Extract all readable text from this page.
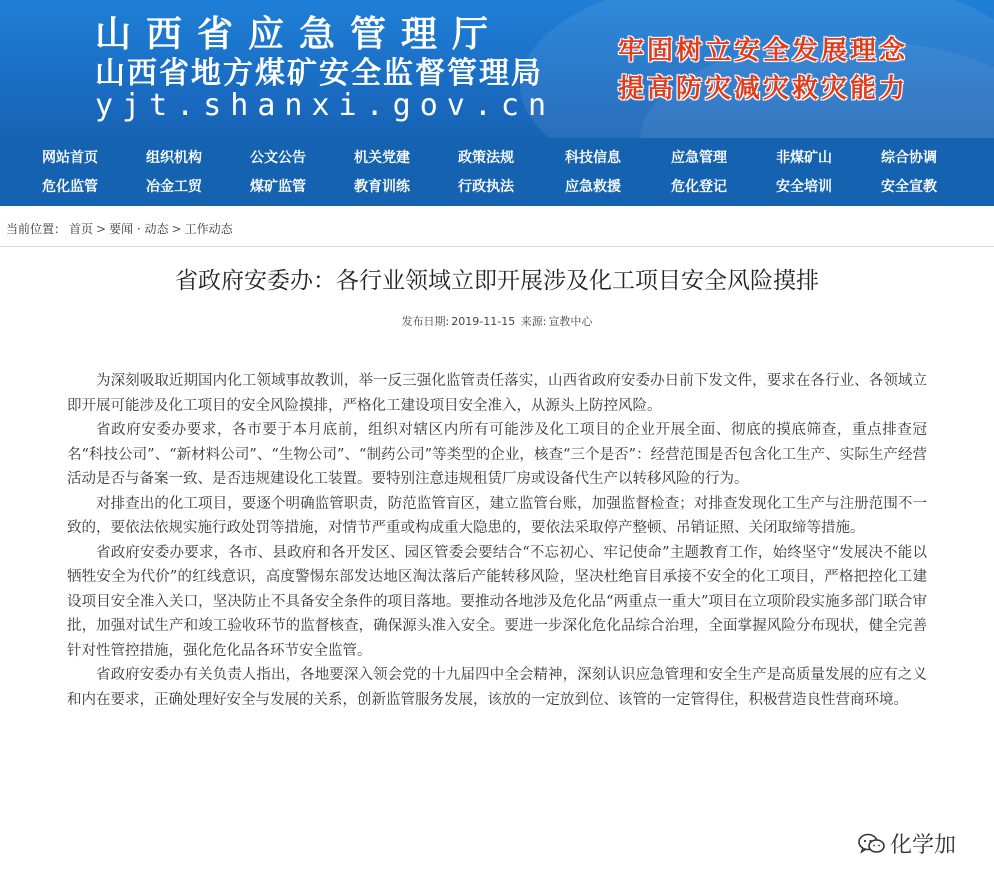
山西省应急管理厅
山西省地方煤矿安全监督管理局
yjt.shanxi.gov.cn
牢固树立安全发展理念
提高防灾减灾救灾能力
网站首页	组织机构	公文公告	机关党建	政策法规	科技信息	应急管理	非煤矿山	综合协调
危化监管	冶金工贸	煤矿监管	教育训练	行政执法	应急救援	危化登记	安全培训	安全宣教
当前位置： 首页 > 要闻 · 动态 > 工作动态
省政府安委办：各行业领域立即开展涉及化工项目安全风险摸排
发布日期: 2019-11-15 来源: 宣教中心

为深刻吸取近期国内化工领域事故教训，举一反三强化监管责任落实，山西省政府安委办日前下发文件，要求在各行业、各领域立即开展可能涉及化工项目的安全风险摸排，严格化工建设项目安全准入，从源头上防控风险。

省政府安委办要求，各市要于本月底前，组织对辖区内所有可能涉及化工项目的企业开展全面、彻底的摸底筛查，重点排查冠名“科技公司”、“新材料公司”、“生物公司”、“制药公司”等类型的企业，核查“三个是否”：经营范围是否包含化工生产、实际生产经营活动是否与备案一致、是否违规建设化工装置。要特别注意违规租赁厂房或设备代生产以转移风险的行为。

对排查出的化工项目，要逐个明确监管职责，防范监管盲区，建立监管台账，加强监督检查；对排查发现化工生产与注册范围不一致的，要依法依规实施行政处罚等措施，对情节严重或构成重大隐患的，要依法采取停产整顿、吊销证照、关闭取缔等措施。

省政府安委办要求，各市、县政府和各开发区、园区管委会要结合“不忘初心、牢记使命”主题教育工作，始终坚守“发展决不能以牺牲安全为代价”的红线意识，高度警惕东部发达地区淘汰落后产能转移风险，坚决杜绝盲目承接不安全的化工项目，严格把控化工建设项目安全准入关口，坚决防止不具备安全条件的项目落地。要推动各地涉及危化品“两重点一重大”项目在立项阶段实施多部门联合审批，加强对试生产和竣工验收环节的监督核查，确保源头准入安全。要进一步深化危化品综合治理，全面掌握风险分布现状，健全完善针对性管控措施，强化危化品各环节安全监管。

省政府安委办有关负责人指出，各地要深入领会党的十九届四中全会精神，深刻认识应急管理和安全生产是高质量发展的应有之义和内在要求，正确处理好安全与发展的关系，创新监管服务发展，该放的一定放到位、该管的一定管得住，积极营造良性营商环境。

化学加
